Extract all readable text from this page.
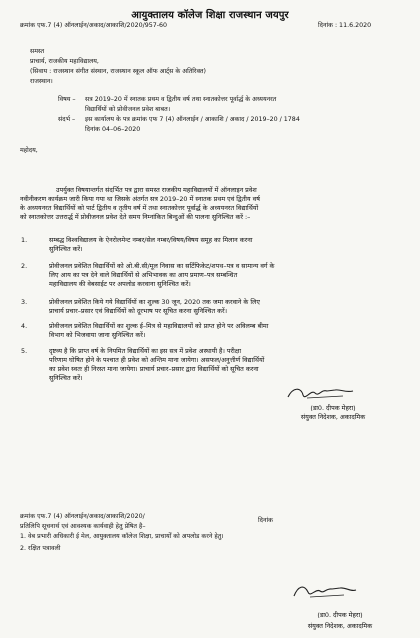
आयुक्तालय कॉलेज शिक्षा राजस्थान जयपुर
क्रमांक एफ.7 (4) ऑनलाईन/अकाद/आकाशि/2020/957-60	दिनांक : 11.6.2020
समस्त
प्राचार्य, राजकीय महाविद्यालय,
(सिवाय : राजस्थान संगीत संस्थान, राजस्थान स्कूल ऑफ आर्ट्स के अतिरिक्त)
राजस्थान।
विषय – सत्र 2019–20 में स्नातक प्रथम व द्वितीय वर्ष तथा स्नातकोत्तर पूर्वार्द्ध के अध्ययनरत
विद्यार्थियों को प्रोवीजनल प्रवेश बाबत।
संदर्भ – इस कार्यालय के पत्र क्रमांक एफ 7 (4) ऑनलाईन / आकाशि / अकाद / 2019–20 / 1784
दिनांक 04–06–2020
महोदय,
उपर्युक्त विषयान्तर्गत संदर्भित पत्र द्वारा समस्त राजकीय महाविद्यालयों में ऑनलाइन प्रवेश
नवीनीकरण कार्यक्रम जारी किया गया था जिसके अंतर्गत सत्र 2019–20 में स्नातक प्रथम एवं द्वितीय वर्ष
के अध्ययनरत विद्यार्थियों को पार्ट द्वितीय व तृतीय वर्ष में तथा स्नातकोत्तर पूर्वार्द्ध के अध्ययनरत विद्यार्थियों
को स्नातकोत्तर उत्तरार्द्ध में प्रोवीजनल प्रवेश देते समय निम्नांकित बिन्दुओं की पालना सुनिश्चित करें :–
1.	सम्बद्ध विश्वविद्यालय के ऐनरोलमेन्ट नम्बर/सेल नम्बर/विषय/विषय समूह का मिलान करना
सुनिश्चित करें।
2.	प्रोवीजनल प्रवेशित विद्यार्थियों को ओ.बी.सी/मूल निवास का सर्टिफिकेट/शपथ–पत्र व सामान्य वर्ग के
लिए आय का पत्र देने वाले विद्यार्थियों से अभिभावक का आय प्रमाण–पत्र सम्बन्धित
महाविद्यालय की वेबसाईट पर अपलोड करवाना सुनिश्चित करें।
3.	प्रोवीजनल प्रवेशित किये गये विद्यार्थियों का शुल्क 30 जून, 2020 तक जमा करवाने के लिए
प्राचार्य प्रचार–प्रसार एवं विद्यार्थियों को दूरभाष पर सूचित करना सुनिश्चित करें।
4.	प्रोवीजनल प्रवेशित विद्यार्थियों का शुल्क ई–मित्र से महाविद्यालयों को प्राप्त होने पर अविलम्ब बीमा
विभाग को भिजवाया जाना सुनिश्चित करें।
5.	दृष्टव्य है कि प्राप्त वर्ष के नियमित विद्यार्थियों का इस सत्र में प्रवेश अस्थायी है। परीक्षा
परिणाम घोषित होने के पश्चात ही प्रवेश को अन्तिम माना जायेगा। असफल/अनुत्तीर्ण विद्यार्थियों
का प्रवेश स्वतः ही निरस्त माना जायेगा। प्राचार्य प्रचार–प्रसार द्वारा विद्यार्थियों को सूचित करना
सुनिश्चित करें।
(डा0. दीपक मेहरा)
संयुक्त निदेशक, अकादमिक
क्रमांक एफ.7 (4) ऑनलाईन/अकाद/आकाशि/2020/
दिनांक
प्रतिलिपि सूचनार्थ एवं आवश्यक कार्यवाही हेतु प्रेषित है–
1. वेब प्रभारी अधिकारी ई मेल, आयुक्तालय कॉलेज शिक्षा, प्राचार्यों को अपलोड करने हेतु।
2. रक्षित पत्रावली
(डा0. दीपक मेहरा)
संयुक्त निदेशक, अकादमिक
